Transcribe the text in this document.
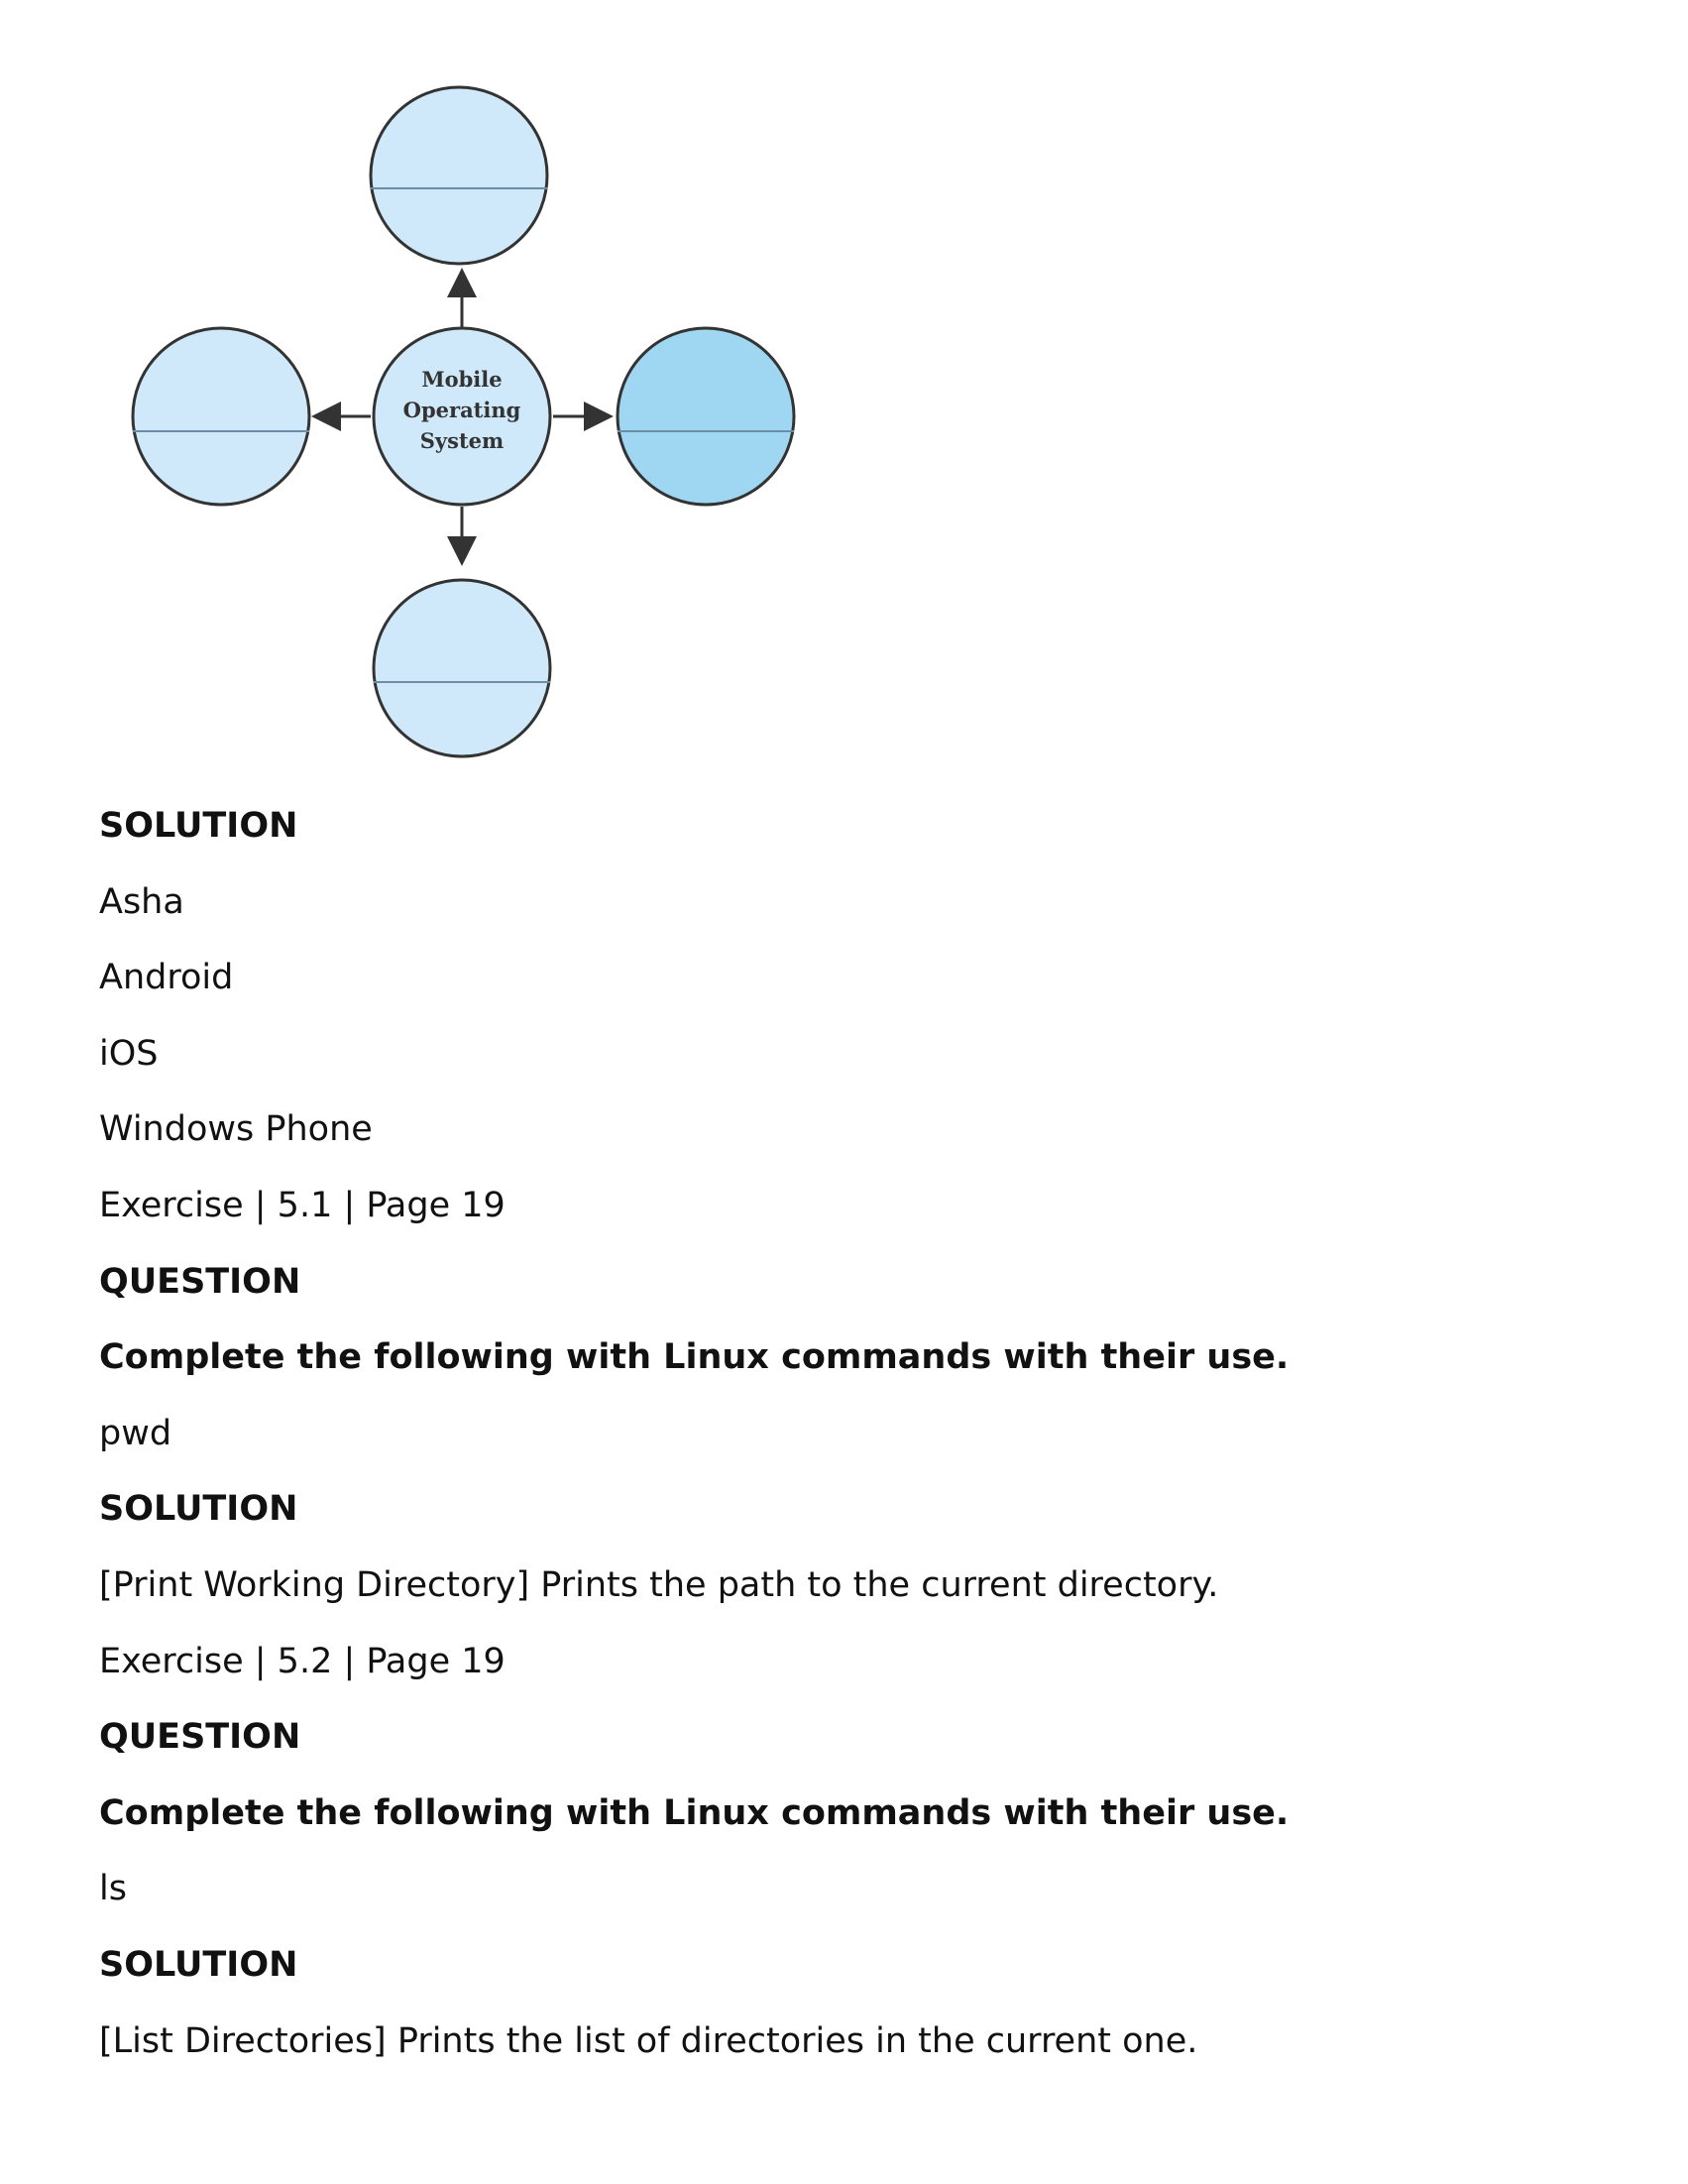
Mobile
Operating
System
SOLUTION
Asha
Android
iOS
Windows Phone
Exercise | 5.1 | Page 19
QUESTION
Complete the following with Linux commands with their use.
pwd
SOLUTION
[Print Working Directory] Prints the path to the current directory.
Exercise | 5.2 | Page 19
QUESTION
Complete the following with Linux commands with their use.
ls
SOLUTION
[List Directories] Prints the list of directories in the current one.
